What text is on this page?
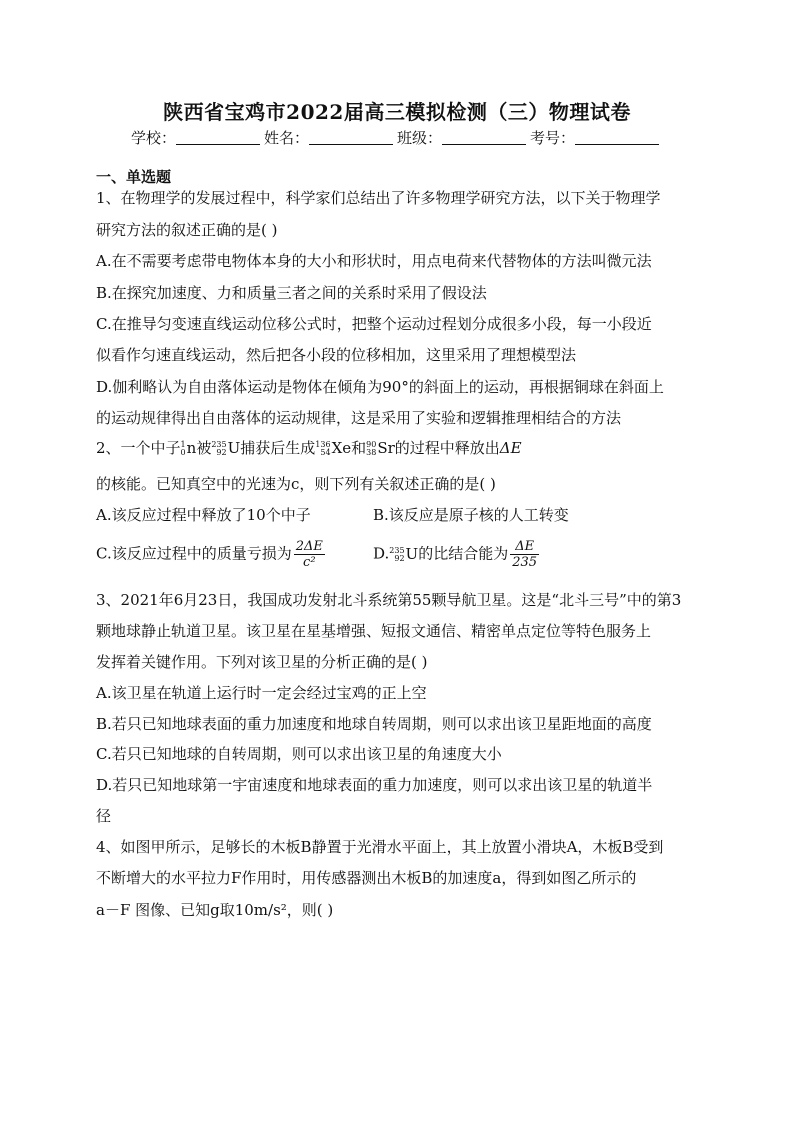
陕西省宝鸡市2022届高三模拟检测（三）物理试卷
学校：	姓名：	班级：	考号：
一、单选题
1、在物理学的发展过程中，科学家们总结出了许多物理学研究方法，以下关于物理学
研究方法的叙述正确的是( )
A.在不需要考虑带电物体本身的大小和形状时，用点电荷来代替物体的方法叫微元法
B.在探究加速度、力和质量三者之间的关系时采用了假设法
C.在推导匀变速直线运动位移公式时，把整个运动过程划分成很多小段，每一小段近
似看作匀速直线运动，然后把各小段的位移相加，这里采用了理想模型法
D.伽利略认为自由落体运动是物体在倾角为90°的斜面上的运动，再根据铜球在斜面上
的运动规律得出自由落体的运动规律，这是采用了实验和逻辑推理相结合的方法
2、一个中子1
0n被235
92U捕获后生成136
54Xe和90
38Sr的过程中释放出ΔE
的核能。已知真空中的光速为c，则下列有关叙述正确的是( )
A.该反应过程中释放了10个中子	B.该反应是原子核的人工转变
C.该反应过程中的质量亏损为 $\frac{2\Delta E}{\text{c²}}$	D.235
92U的比结合能为 $\frac{\Delta E}{235}$
3、2021年6月23日，我国成功发射北斗系统第55颗导航卫星。这是“北斗三号”中的第3
颗地球静止轨道卫星。该卫星在星基增强、短报文通信、精密单点定位等特色服务上
发挥着关键作用。下列对该卫星的分析正确的是( )
A.该卫星在轨道上运行时一定会经过宝鸡的正上空
B.若只已知地球表面的重力加速度和地球自转周期，则可以求出该卫星距地面的高度
C.若只已知地球的自转周期，则可以求出该卫星的角速度大小
D.若只已知地球第一宇宙速度和地球表面的重力加速度，则可以求出该卫星的轨道半
径
4、如图甲所示，足够长的木板B静置于光滑水平面上，其上放置小滑块A，木板B受到
不断增大的水平拉力F作用时，用传感器测出木板B的加速度a，得到如图乙所示的
a－F 图像、已知g取10m/s²，则( )
